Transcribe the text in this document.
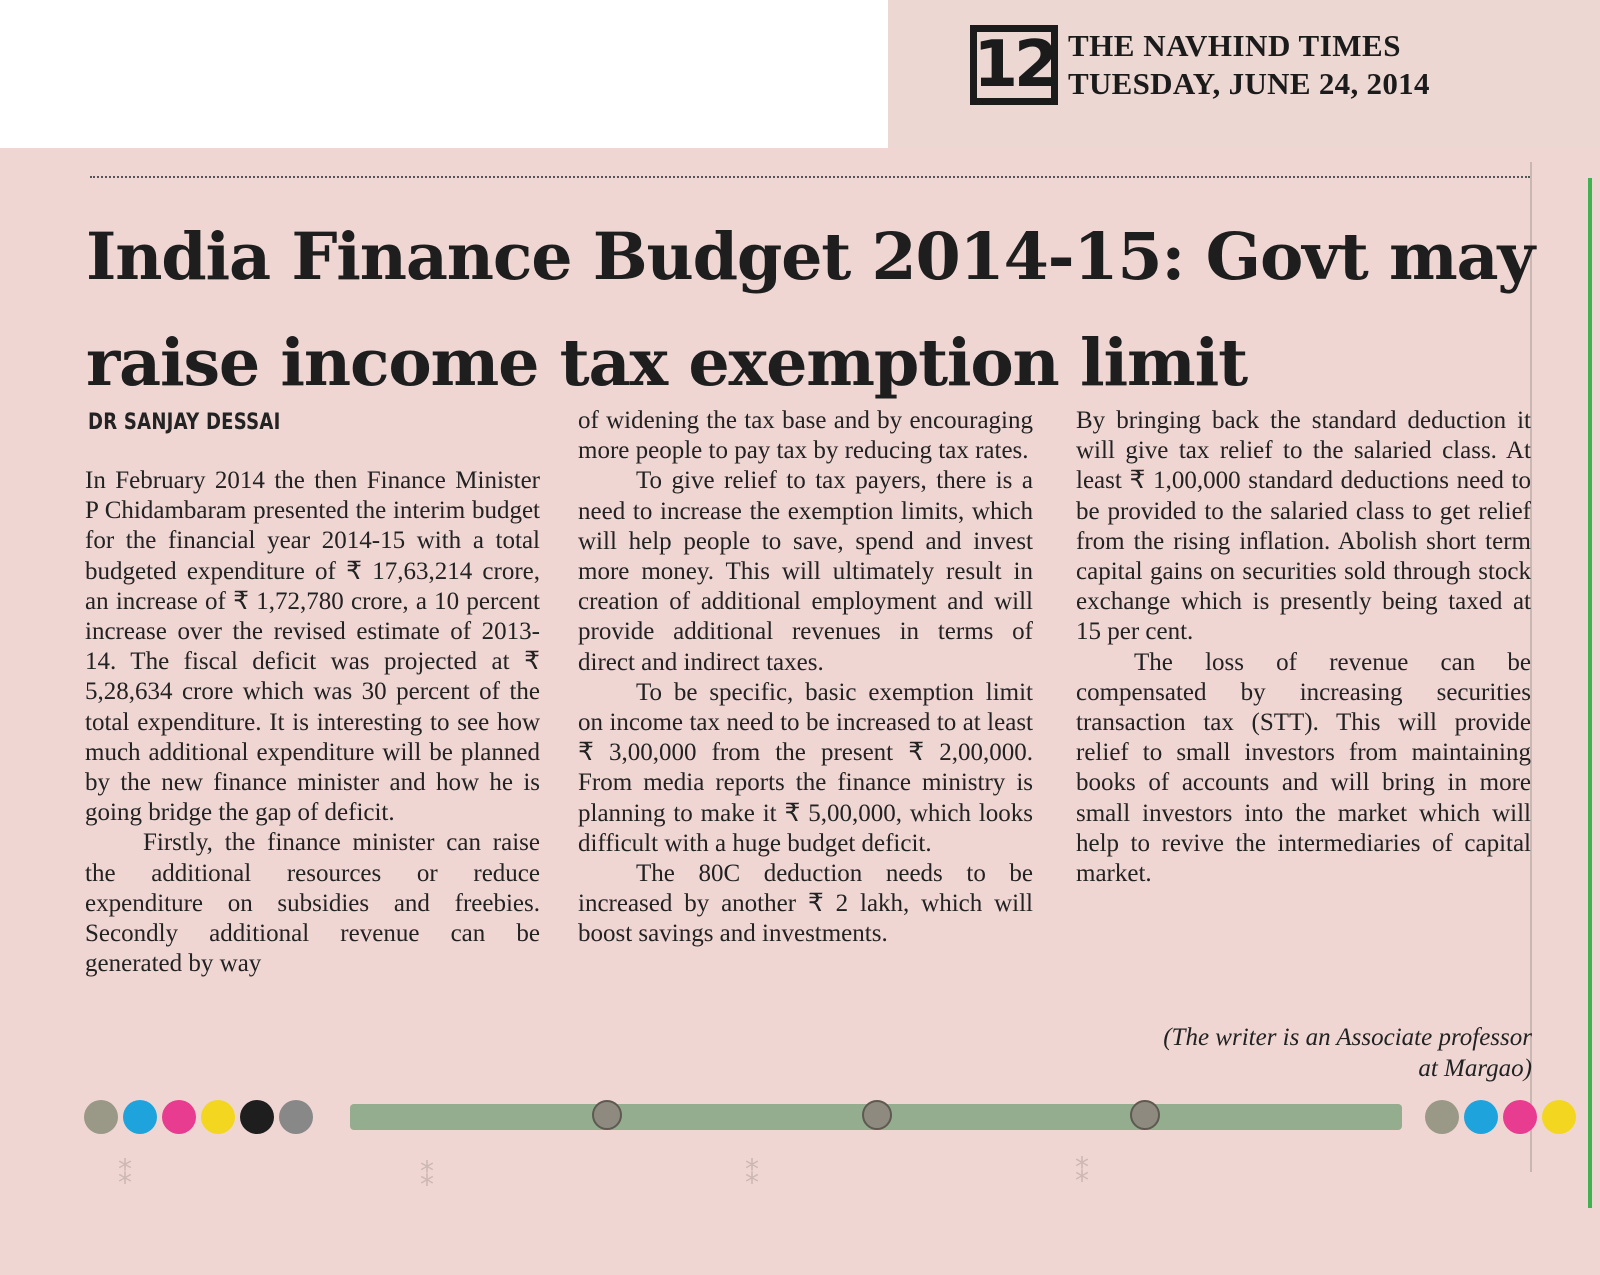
12 THE NAVHIND TIMES
TUESDAY, JUNE 24, 2014
India Finance Budget 2014-15: Govt may raise income tax exemption limit
DR SANJAY DESSAI

In February 2014 the then Finance Minister P Chidambaram presented the interim budget for the financial year 2014-15 with a total budgeted expenditure of ₹ 17,63,214 crore, an increase of ₹ 1,72,780 crore, a 10 percent increase over the revised estimate of 2013-14. The fiscal deficit was projected at ₹ 5,28,634 crore which was 30 percent of the total expenditure. It is interesting to see how much additional expenditure will be planned by the new finance minister and how he is going bridge the gap of deficit.

Firstly, the finance minister can raise the additional resources or reduce expenditure on subsidies and freebies. Secondly additional revenue can be generated by way

of widening the tax base and by encouraging more people to pay tax by reducing tax rates.

To give relief to tax payers, there is a need to increase the exemption limits, which will help people to save, spend and invest more money. This will ultimately result in creation of additional employment and will provide additional revenues in terms of direct and indirect taxes.

To be specific, basic exemption limit on income tax need to be increased to at least ₹ 3,00,000 from the present ₹ 2,00,000. From media reports the finance ministry is planning to make it ₹ 5,00,000, which looks difficult with a huge budget deficit.

The 80C deduction needs to be increased by another ₹ 2 lakh, which will boost savings and investments.

By bringing back the standard deduction it will give tax relief to the salaried class. At least ₹ 1,00,000 standard deductions need to be provided to the salaried class to get relief from the rising inflation. Abolish short term capital gains on securities sold through stock exchange which is presently being taxed at 15 per cent.

The loss of revenue can be compensated by increasing securities transaction tax (STT). This will provide relief to small investors from maintaining books of accounts and will bring in more small investors into the market which will help to revive the intermediaries of capital market.

(The writer is an Associate professor at Margao)
⁑	⁑	⁑	⁑
